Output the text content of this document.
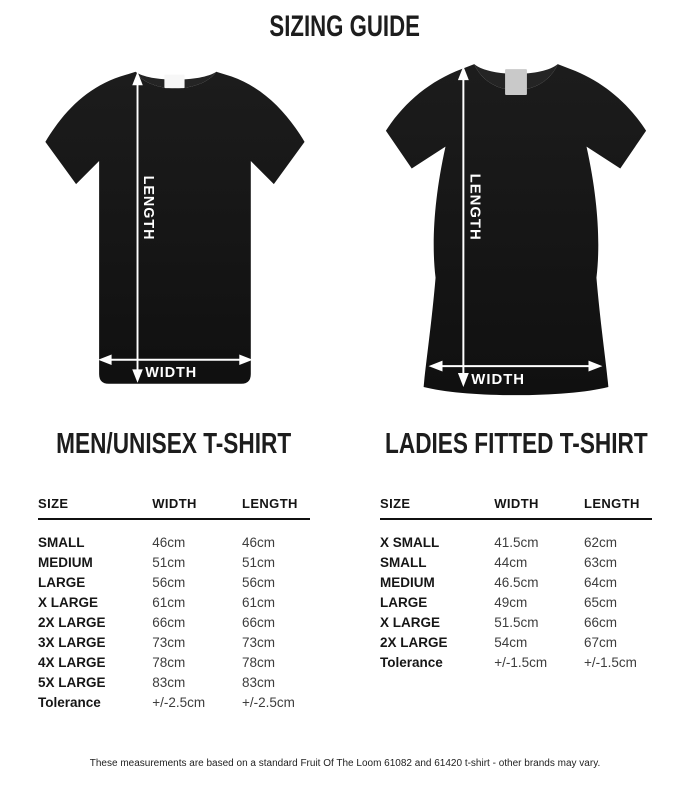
SIZING GUIDE
LENGTH
WIDTH
MEN/UNISEX T-SHIRT
SIZE	WIDTH	LENGTH
SMALL	46cm	46cm
MEDIUM	51cm	51cm
LARGE	56cm	56cm
X LARGE	61cm	61cm
2X LARGE	66cm	66cm
3X LARGE	73cm	73cm
4X LARGE	78cm	78cm
5X LARGE	83cm	83cm
Tolerance	+/-2.5cm	+/-2.5cm
LENGTH
WIDTH
LADIES FITTED T-SHIRT
SIZE	WIDTH	LENGTH
X SMALL	41.5cm	62cm
SMALL	44cm	63cm
MEDIUM	46.5cm	64cm
LARGE	49cm	65cm
X LARGE	51.5cm	66cm
2X LARGE	54cm	67cm
Tolerance	+/-1.5cm	+/-1.5cm

These measurements are based on a standard Fruit Of The Loom 61082 and 61420 t-shirt - other brands may vary.
